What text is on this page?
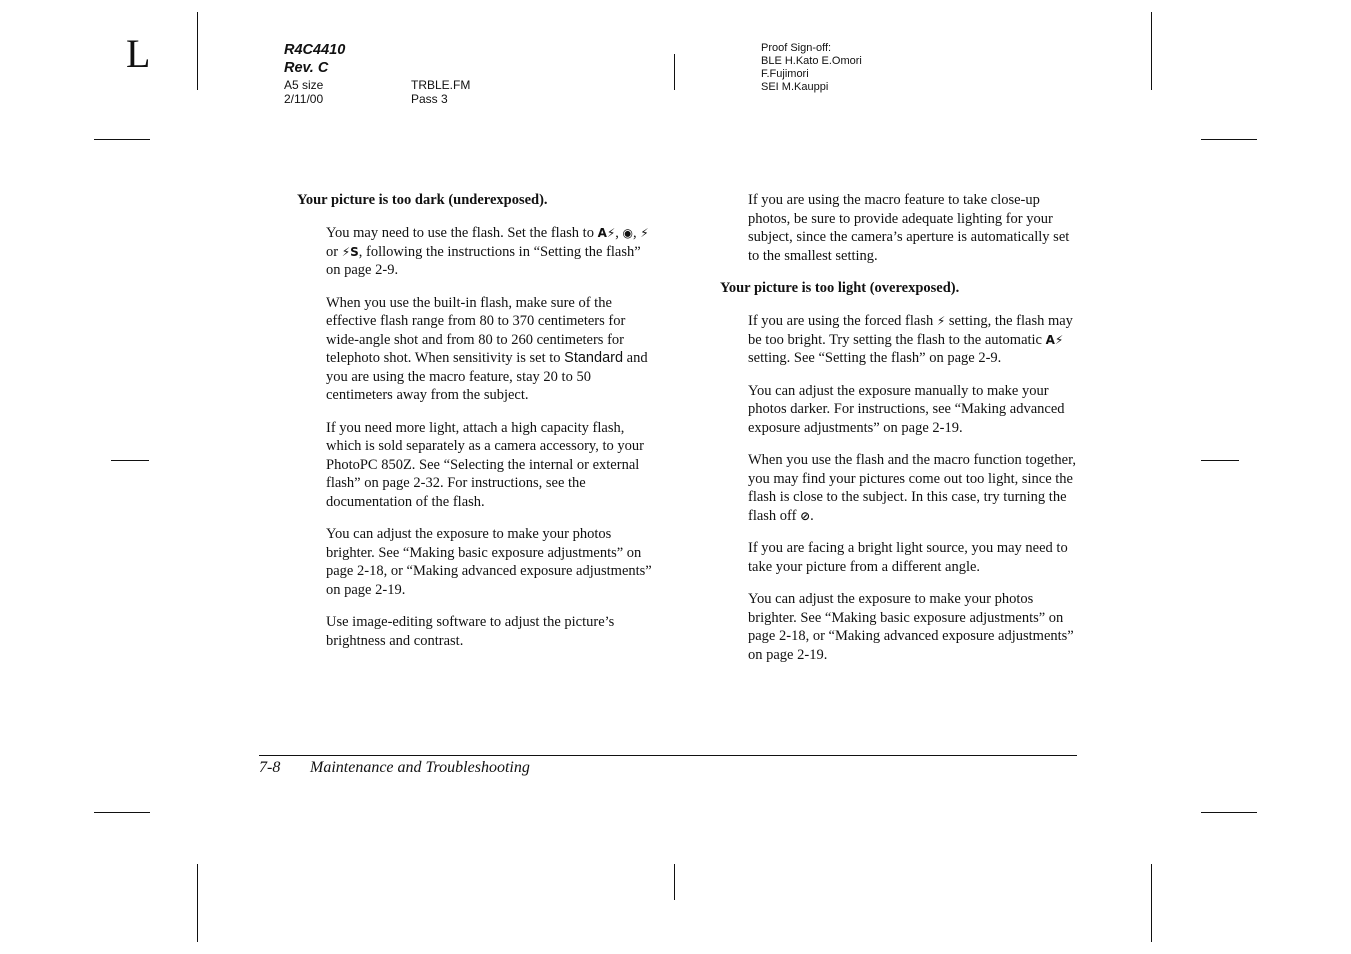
L	R4C4410
Rev. C
A5 size
2/11/00
TRBLE.FM
Pass 3
Proof Sign-off:
BLE H.Kato E.Omori
F.Fujimori
SEI M.Kauppi
Your picture is too dark (underexposed).

You may need to use the flash. Set the flash to A⚡, ◉, ⚡ or ⚡S, following the instructions in “Setting the flash” on page 2-9.

When you use the built-in flash, make sure of the effective flash range from 80 to 370 centimeters for wide-angle shot and from 80 to 260 centimeters for telephoto shot. When sensitivity is set to Standard and you are using the macro feature, stay 20 to 50 centimeters away from the subject.

If you need more light, attach a high capacity flash, which is sold separately as a camera accessory, to your PhotoPC 850Z. See “Selecting the internal or external flash” on page 2-32. For instructions, see the documentation of the flash.

You can adjust the exposure to make your photos brighter. See “Making basic exposure adjustments” on page 2-18, or “Making advanced exposure adjustments” on page 2-19.

Use image-editing software to adjust the picture’s brightness and contrast.

If you are using the macro feature to take close-up photos, be sure to provide adequate lighting for your subject, since the camera’s aperture is automatically set to the smallest setting.

Your picture is too light (overexposed).

If you are using the forced flash ⚡ setting, the flash may be too bright. Try setting the flash to the automatic A⚡ setting. See “Setting the flash” on page 2-9.

You can adjust the exposure manually to make your photos darker. For instructions, see “Making advanced exposure adjustments” on page 2-19.

When you use the flash and the macro function together, you may find your pictures come out too light, since the flash is close to the subject. In this case, try turning the flash off ⊘.

If you are facing a bright light source, you may need to take your picture from a different angle.

You can adjust the exposure to make your photos brighter. See “Making basic exposure adjustments” on page 2-18, or “Making advanced exposure adjustments” on page 2-19.

7-8 Maintenance and Troubleshooting
